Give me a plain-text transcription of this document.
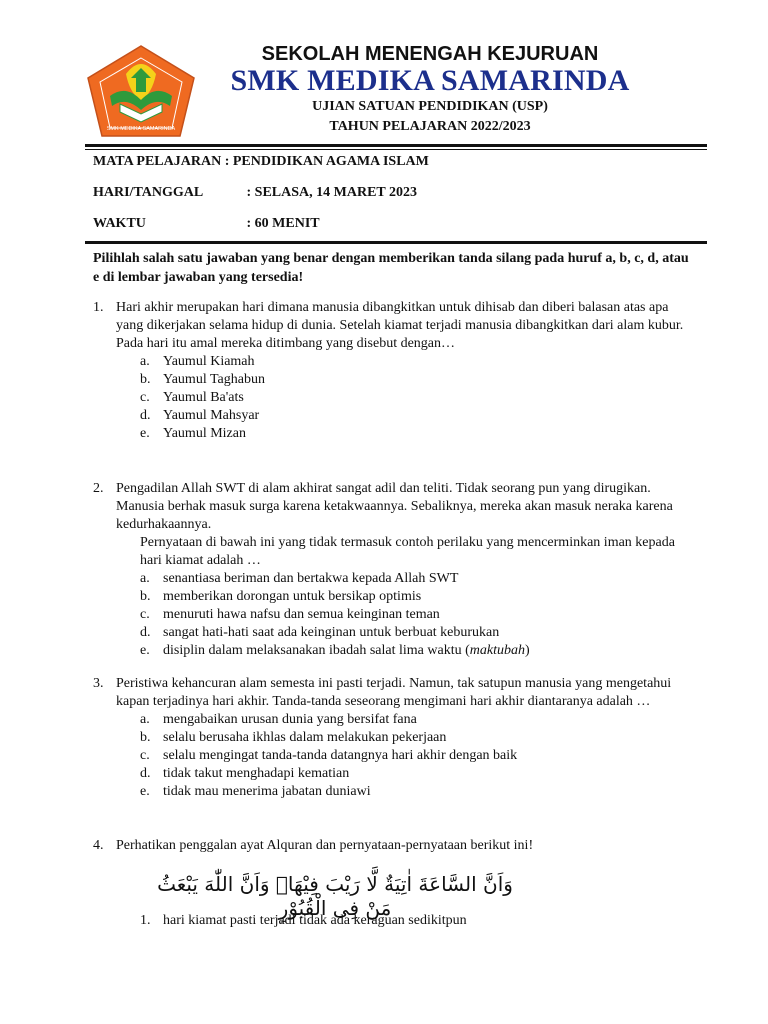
SMK MEDIKA SAMARINDA
SEKOLAH MENENGAH KEJURUAN
SMK MEDIKA SAMARINDA
UJIAN SATUAN PENDIDIKAN (USP)
TAHUN PELAJARAN 2022/2023
MATA PELAJARAN : PENDIDIKAN AGAMA ISLAM
HARI/TANGGAL	: SELASA, 14 MARET 2023
WAKTU	: 60 MENIT
Pilihlah salah satu jawaban yang benar dengan memberikan tanda silang pada huruf a, b, c, d, atau e di lembar jawaban yang tersedia!
1. Hari akhir merupakan hari dimana manusia dibangkitkan untuk dihisab dan diberi balasan atas apa yang dikerjakan selama hidup di dunia. Setelah kiamat terjadi manusia dibangkitkan dari alam kubur. Pada hari itu amal mereka ditimbang yang disebut dengan…
a. Yaumul Kiamah
b. Yaumul Taghabun
c. Yaumul Ba'ats
d. Yaumul Mahsyar
e. Yaumul Mizan
2. Pengadilan Allah SWT di alam akhirat sangat adil dan teliti. Tidak seorang pun yang dirugikan. Manusia berhak masuk surga karena ketakwaannya. Sebaliknya, mereka akan masuk neraka karena kedurhakaannya.
Pernyataan di bawah ini yang tidak termasuk contoh perilaku yang mencerminkan iman kepada hari kiamat adalah …
a. senantiasa beriman dan bertakwa kepada Allah SWT
b. memberikan dorongan untuk bersikap optimis
c. menuruti hawa nafsu dan semua keinginan teman
d. sangat hati-hati saat ada keinginan untuk berbuat keburukan
e. disiplin dalam melaksanakan ibadah salat lima waktu (maktubah)
3. Peristiwa kehancuran alam semesta ini pasti terjadi. Namun, tak satupun manusia yang mengetahui kapan terjadinya hari akhir. Tanda-tanda seseorang mengimani hari akhir diantaranya adalah …
a. mengabaikan urusan dunia yang bersifat fana
b. selalu berusaha ikhlas dalam melakukan pekerjaan
c. selalu mengingat tanda-tanda datangnya hari akhir dengan baik
d. tidak takut menghadapi kematian
e. tidak mau menerima jabatan duniawi
4. Perhatikan penggalan ayat Alquran dan pernyataan-pernyataan berikut ini!
وَاَنَّ السَّاعَةَ اٰتِيَةٌ لَّا رَيْبَ فِيْهَاۙ وَاَنَّ اللّٰهَ يَبْعَثُ مَنْ فِى الْقُبُوْرِ
1. hari kiamat pasti terjadi tidak ada keraguan sedikitpun
